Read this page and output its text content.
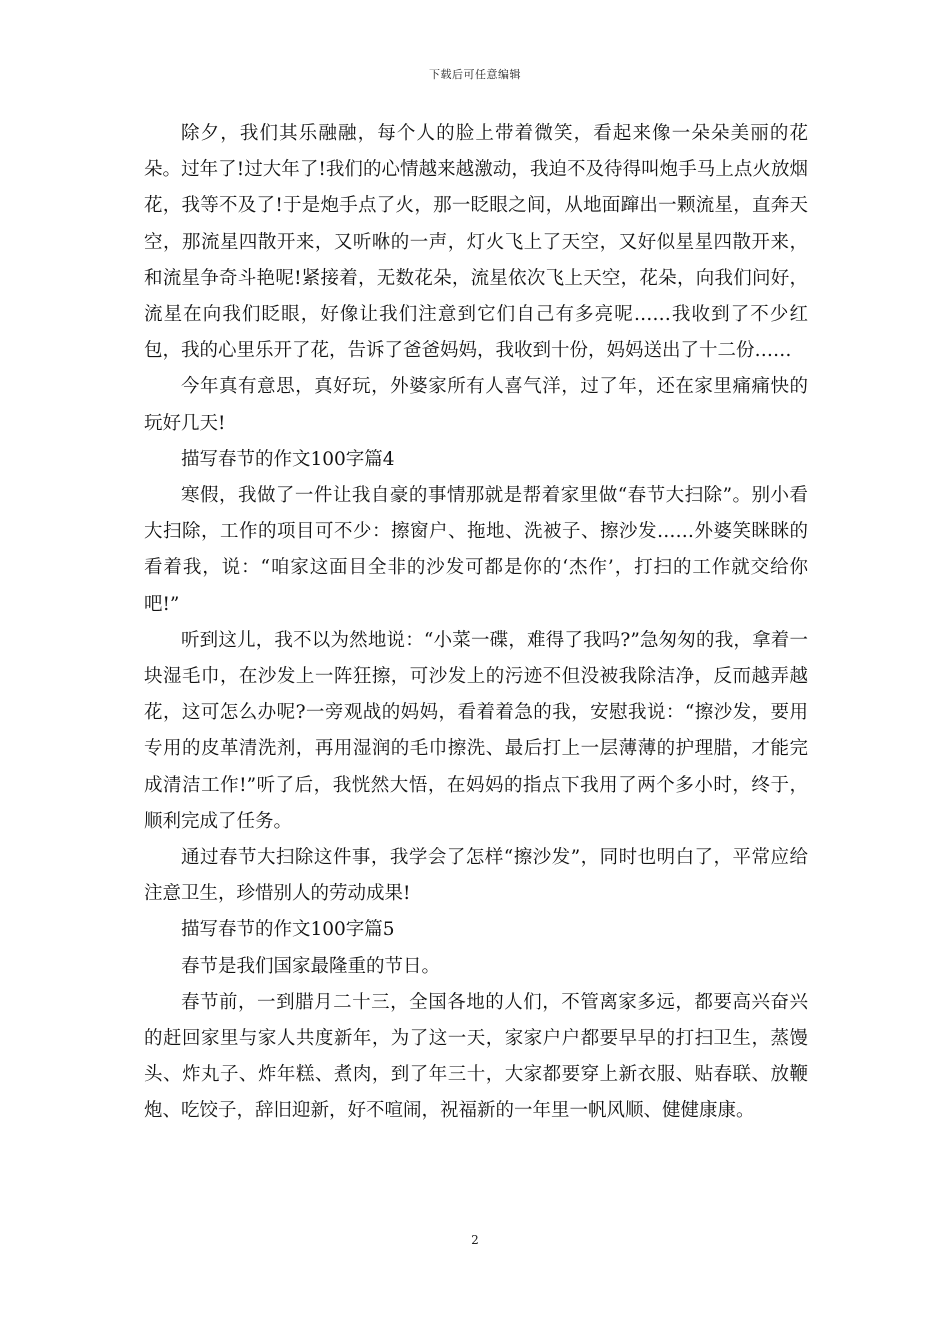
下载后可任意编辑

除夕，我们其乐融融，每个人的脸上带着微笑，看起来像一朵朵美丽的花朵。过年了!过大年了!我们的心情越来越激动，我迫不及待得叫炮手马上点火放烟花，我等不及了!于是炮手点了火，那一眨眼之间，从地面蹿出一颗流星，直奔天空，那流星四散开来，又听咻的一声，灯火飞上了天空，又好似星星四散开来，和流星争奇斗艳呢!紧接着，无数花朵，流星依次飞上天空，花朵，向我们问好，流星在向我们眨眼，好像让我们注意到它们自己有多亮呢……我收到了不少红包，我的心里乐开了花，告诉了爸爸妈妈，我收到十份，妈妈送出了十二份……

今年真有意思，真好玩，外婆家所有人喜气洋，过了年，还在家里痛痛快的玩好几天!

描写春节的作文100字篇4

寒假，我做了一件让我自豪的事情那就是帮着家里做“春节大扫除”。别小看大扫除，工作的项目可不少：擦窗户、拖地、洗被子、擦沙发……外婆笑眯眯的看着我，说：“咱家这面目全非的沙发可都是你的‘杰作’，打扫的工作就交给你吧!”

听到这儿，我不以为然地说：“小菜一碟，难得了我吗?”急匆匆的我，拿着一块湿毛巾，在沙发上一阵狂擦，可沙发上的污迹不但没被我除洁净，反而越弄越花，这可怎么办呢?一旁观战的妈妈，看着着急的我，安慰我说：“擦沙发，要用专用的皮革清洗剂，再用湿润的毛巾擦洗、最后打上一层薄薄的护理腊，才能完成清洁工作!”听了后，我恍然大悟，在妈妈的指点下我用了两个多小时，终于，顺利完成了任务。

通过春节大扫除这件事，我学会了怎样“擦沙发”，同时也明白了，平常应给注意卫生，珍惜别人的劳动成果!

描写春节的作文100字篇5

春节是我们国家最隆重的节日。

春节前，一到腊月二十三，全国各地的人们，不管离家多远，都要高兴奋兴的赶回家里与家人共度新年，为了这一天，家家户户都要早早的打扫卫生，蒸馒头、炸丸子、炸年糕、煮肉，到了年三十，大家都要穿上新衣服、贴春联、放鞭炮、吃饺子，辞旧迎新，好不喧闹，祝福新的一年里一帆风顺、健健康康。

2
